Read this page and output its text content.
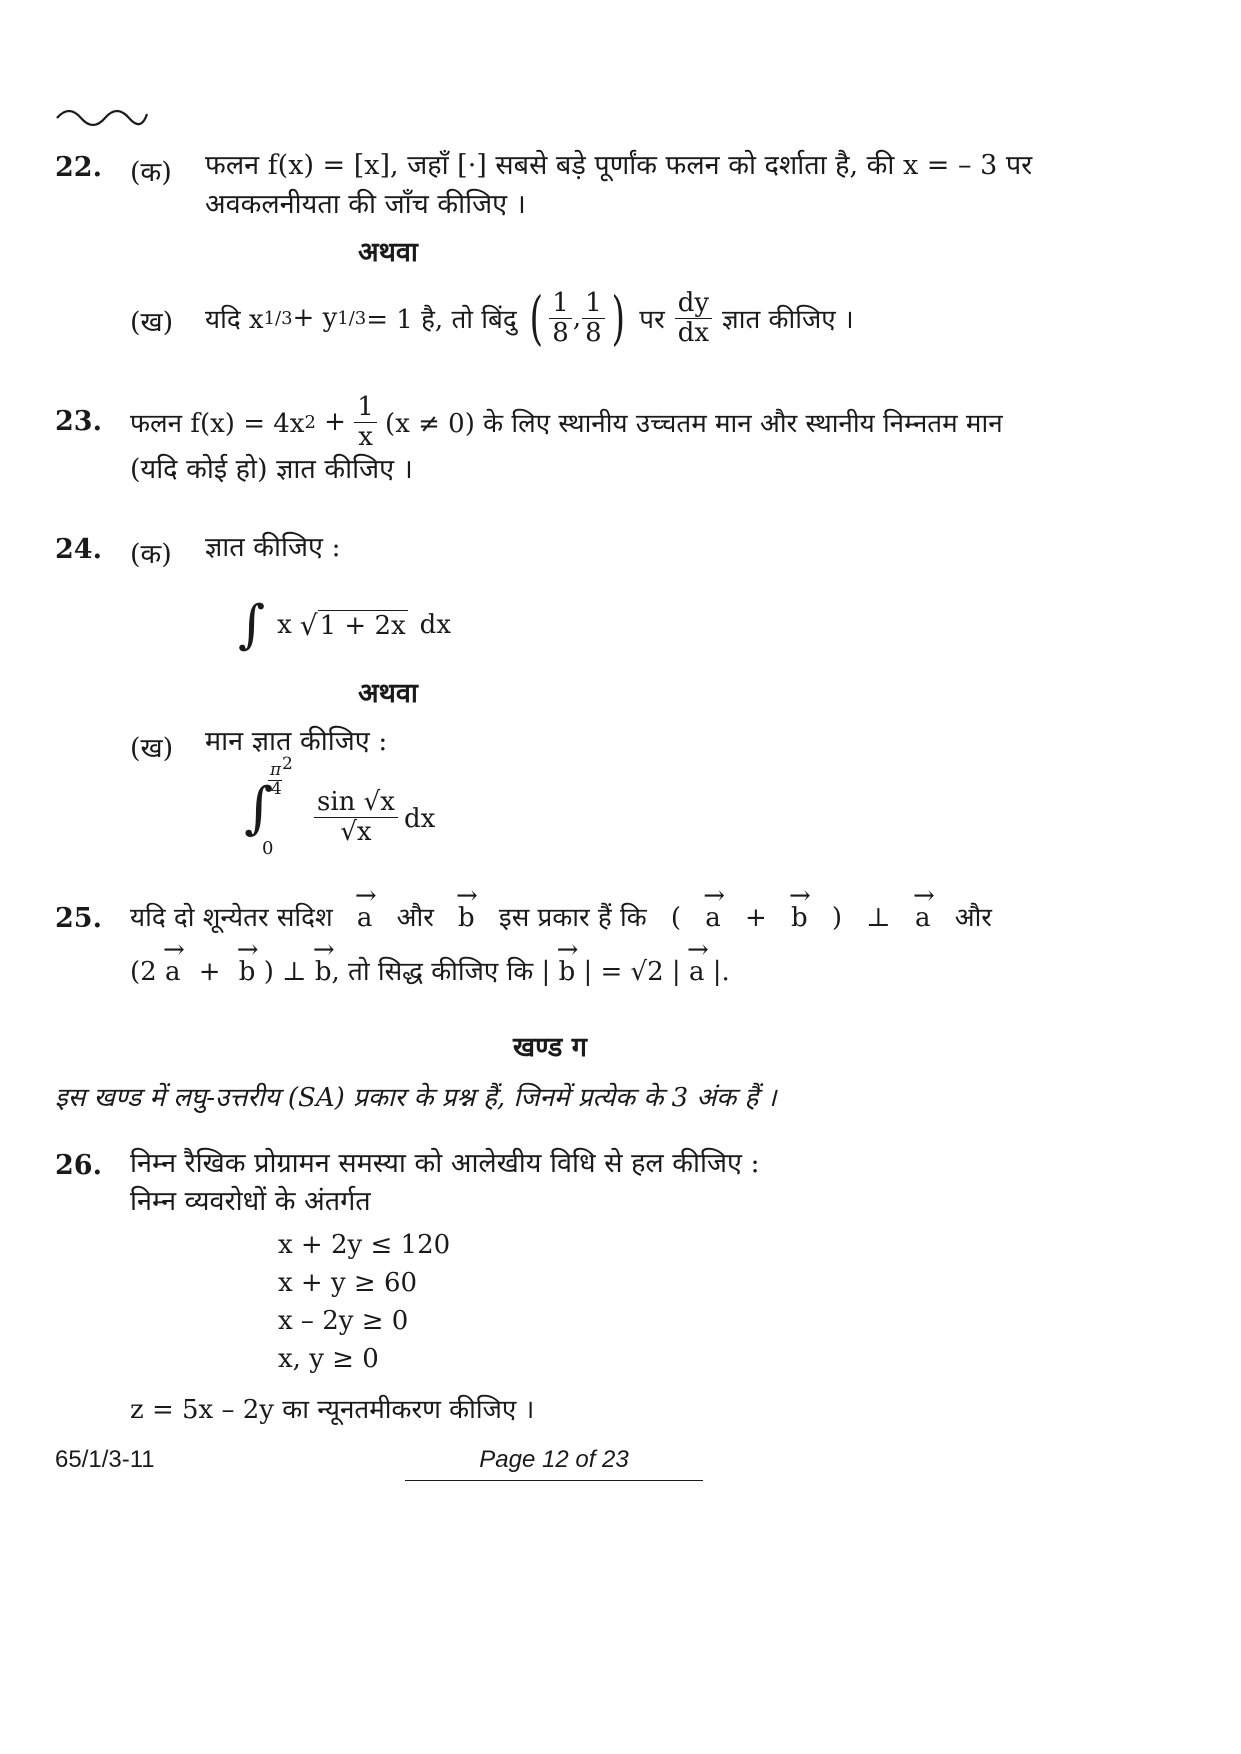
22. (क) फलन f(x) = [x], जहाँ [·] सबसे बड़े पूर्णांक फलन को दर्शाता है, की x = – 3 पर
अवकलनीयता की जाँच कीजिए ।
अथवा
(ख) यदि x 1/3 + y 1/3 = 1 है, तो बिंदु ( $\frac{1}{8}$ , $\frac{1}{8}$ ) पर $\frac{dy}{dx}$ ज्ञात कीजिए ।
23. फलन f(x) = 4x $2 + \frac{1}{x} (x \ne 0)$ के लिए स्थानीय उच्चतम मान और स्थानीय निम्नतम मान
(यदि कोई हो) ज्ञात कीजिए ।
24. (क) ज्ञात कीजिए :
∫ x √ 1 + 2x dx
अथवा
(ख) मान ज्ञात कीजिए :
∫
π 2
4
0
$\frac{\sin √x}{√x}$ dx
25. यदि दो शून्येतर सदिश → a और → b इस प्रकार हैं कि ( → a + → b ) ⊥ → a और
(2 → a + → b ) ⊥ → b, तो सिद्ध कीजिए कि | → b | = √2 | → a |.
खण्ड ग
इस खण्ड में लघु-उत्तरीय (SA) प्रकार के प्रश्न हैं, जिनमें प्रत्येक के 3 अंक हैं ।
26. निम्न रैखिक प्रोग्रामन समस्या को आलेखीय विधि से हल कीजिए :
निम्न व्यवरोधों के अंतर्गत
x + 2y ≤ 120
x + y ≥ 60
x – 2y ≥ 0
x, y ≥ 0
z = 5x – 2y का न्यूनतमीकरण कीजिए ।
65/1/3-11	Page 12 of 23
